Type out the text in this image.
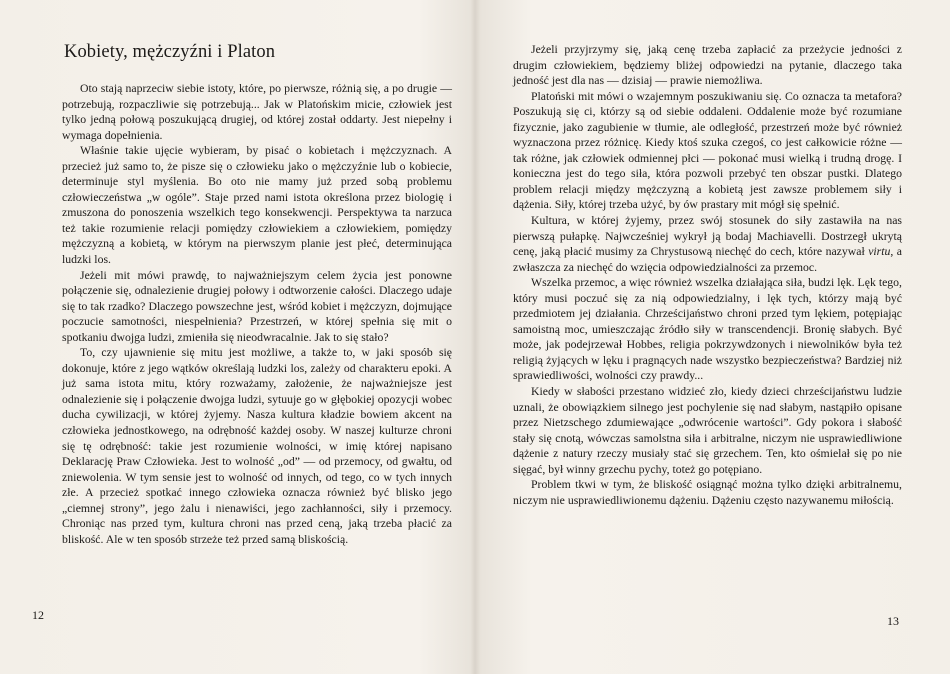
Kobiety, mężczyźni i Platon

Oto stają naprzeciw siebie istoty, które, po pierwsze, różnią się, a po drugie — potrzebują, rozpaczliwie się potrzebują... Jak w Platońskim micie, człowiek jest tylko jedną połową poszukującą drugiej, od której został oddarty. Jest niepełny i wymaga dopełnienia.

Właśnie takie ujęcie wybieram, by pisać o kobietach i mężczyznach. A przecież już samo to, że pisze się o człowieku jako o mężczyźnie lub o kobiecie, determinuje styl myślenia. Bo oto nie mamy już przed sobą problemu człowieczeństwa „w ogóle”. Staje przed nami istota określona przez biologię i zmuszona do ponoszenia wszelkich tego konsekwencji. Perspektywa ta narzuca też takie rozumienie relacji pomiędzy człowiekiem a człowiekiem, pomiędzy mężczyzną a kobietą, w którym na pierwszym planie jest płeć, determinująca ludzki los.

Jeżeli mit mówi prawdę, to najważniejszym celem życia jest ponowne połączenie się, odnalezienie drugiej połowy i odtworzenie całości. Dlaczego udaje się to tak rzadko? Dlaczego powszechne jest, wśród kobiet i mężczyzn, dojmujące poczucie samotności, niespełnienia? Przestrzeń, w której spełnia się mit o spotkaniu dwojga ludzi, zmieniła się nieodwracalnie. Jak to się stało?

To, czy ujawnienie się mitu jest możliwe, a także to, w jaki sposób się dokonuje, które z jego wątków określają ludzki los, zależy od charakteru epoki. A już sama istota mitu, który rozważamy, założenie, że najważniejsze jest odnalezienie się i połączenie dwojga ludzi, sytuuje go w głębokiej opozycji wobec ducha cywilizacji, w której żyjemy. Nasza kultura kładzie bowiem akcent na człowieka jednostkowego, na odrębność każdej osoby. W naszej kulturze chroni się tę odrębność: takie jest rozumienie wolności, w imię której napisano Deklarację Praw Człowieka. Jest to wolność „od” — od przemocy, od gwałtu, od zniewolenia. W tym sensie jest to wolność od innych, od tego, co w tych innych złe. A przecież spotkać innego człowieka oznacza również być blisko jego „ciemnej strony”, jego żalu i nienawiści, jego zachłanności, siły i przemocy. Chroniąc nas przed tym, kultura chroni nas przed ceną, jaką trzeba płacić za bliskość. Ale w ten sposób strzeże też przed samą bliskością.

12

Jeżeli przyjrzymy się, jaką cenę trzeba zapłacić za przeżycie jedności z drugim człowiekiem, będziemy bliżej odpowiedzi na pytanie, dlaczego taka jedność jest dla nas — dzisiaj — prawie niemożliwa.

Platoński mit mówi o wzajemnym poszukiwaniu się. Co oznacza ta metafora? Poszukują się ci, którzy są od siebie oddaleni. Oddalenie może być rozumiane fizycznie, jako zagubienie w tłumie, ale odległość, przestrzeń może być również wyznaczona przez różnicę. Kiedy ktoś szuka czegoś, co jest całkowicie różne — tak różne, jak człowiek odmiennej płci — pokonać musi wielką i trudną drogę. I konieczna jest do tego siła, która pozwoli przebyć ten obszar pustki. Dlatego problem relacji między mężczyzną a kobietą jest zawsze problemem siły i dążenia. Siły, której trzeba użyć, by ów prastary mit mógł się spełnić.

Kultura, w której żyjemy, przez swój stosunek do siły zastawiła na nas pierwszą pułapkę. Najwcześniej wykrył ją bodaj Machiavelli. Dostrzegł ukrytą cenę, jaką płacić musimy za Chrystusową niechęć do cech, które nazywał virtu, a zwłaszcza za niechęć do wzięcia odpowiedzialności za przemoc.

Wszelka przemoc, a więc również wszelka działająca siła, budzi lęk. Lęk tego, który musi poczuć się za nią odpowiedzialny, i lęk tych, którzy mają być przedmiotem jej działania. Chrześcijaństwo chroni przed tym lękiem, potępiając samoistną moc, umieszczając źródło siły w transcendencji. Bronię słabych. Być może, jak podejrzewał Hobbes, religia pokrzywdzonych i niewolników była też religią żyjących w lęku i pragnących nade wszystko bezpieczeństwa? Bardziej niż sprawiedliwości, wolności czy prawdy...

Kiedy w słabości przestano widzieć zło, kiedy dzieci chrześcijaństwu ludzie uznali, że obowiązkiem silnego jest pochylenie się nad słabym, nastąpiło opisane przez Nietzschego zdumiewające „odwrócenie wartości”. Gdy pokora i słabość stały się cnotą, wówczas samolstna siła i arbitralne, niczym nie usprawiedliwione dążenie z natury rzeczy musiały stać się grzechem. Ten, kto ośmielał się po nie sięgać, był winny grzechu pychy, toteż go potępiano.

Problem tkwi w tym, że bliskość osiągnąć można tylko dzięki arbitralnemu, niczym nie usprawiedliwionemu dążeniu. Dążeniu często nazywanemu miłością.

13
